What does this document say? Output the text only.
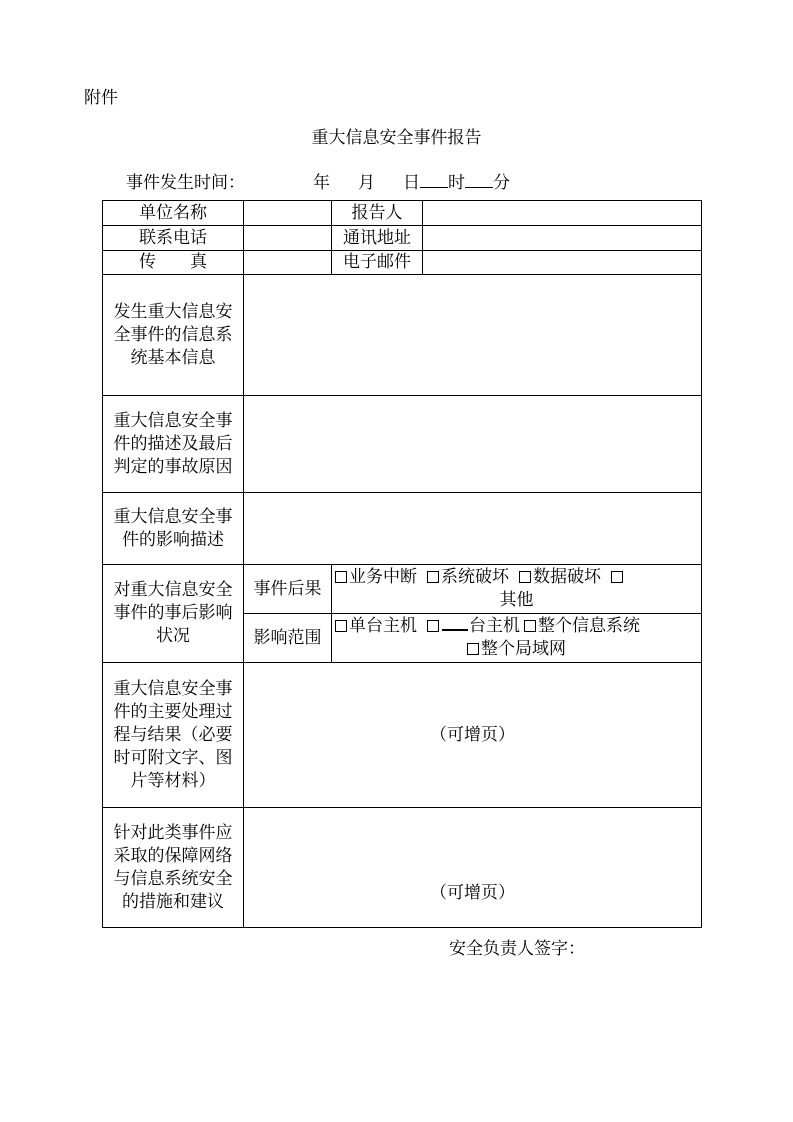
附件
重大信息安全事件报告
事件发生时间：	年 月 日 时 分
单位名称		报告人	
联系电话		通讯地址	
传　　真		电子邮件	
发生重大信息安全事件的信息系统基本信息			
重大信息安全事件的描述及最后判定的事故原因			
重大信息安全事件的影响描述			
对重大信息安全事件的事后影响状况	事件后果	业务中断 系统破坏 数据破坏

其他	

	影响范围	单台主机 台主机 整个信息系统

整个局域网	

重大信息安全事件的主要处理过程与结果（必要时可附文字、图片等材料）	（可增页）		
针对此类事件应采取的保障网络与信息系统安全的措施和建议	（可增页）		
安全负责人签字：
